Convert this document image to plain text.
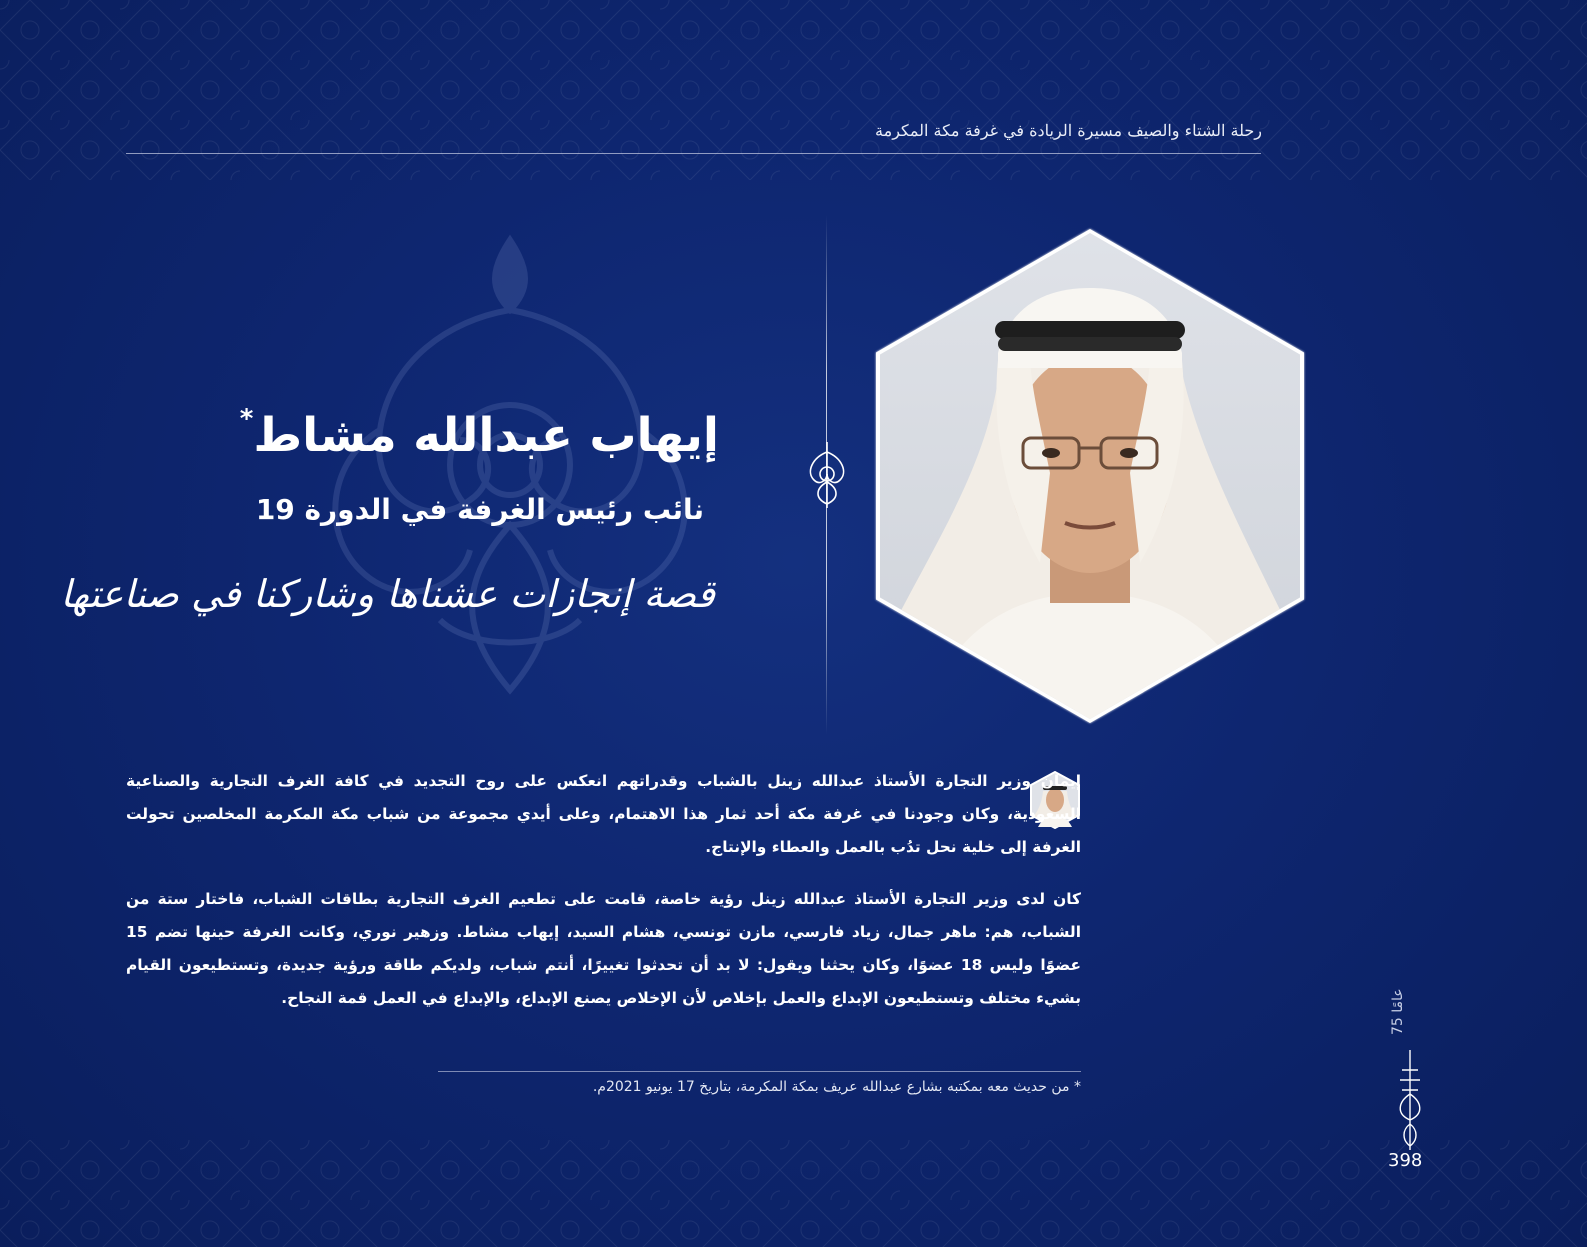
رحلة الشتاء والصيف مسيرة الريادة في غرفة مكة المكرمة
إيهاب عبدالله مشاط*
نائب رئيس الغرفة في الدورة 19
قصة إنجازات عشناها وشاركنا في صناعتها

إيمان وزير التجارة الأستاذ عبدالله زينل بالشباب وقدراتهم انعكس على روح التجديد في كافة الغرف التجارية والصناعية السعودية، وكان وجودنا في غرفة مكة أحد ثمار هذا الاهتمام، وعلى أيدي مجموعة من شباب مكة المكرمة المخلصين تحولت الغرفة إلى خلية نحل تدُب بالعمل والعطاء والإنتاج.

كان لدى وزير التجارة الأستاذ عبدالله زينل رؤية خاصة، قامت على تطعيم الغرف التجارية بطاقات الشباب، فاختار ستة من الشباب، هم: ماهر جمال، زياد فارسي، مازن تونسي، هشام السيد، إيهاب مشاط. وزهير نوري، وكانت الغرفة حينها تضم 15 عضوًا وليس 18 عضوًا، وكان يحثنا ويقول: لا بد أن تحدثوا تغييرًا، أنتم شباب، ولديكم طاقة ورؤية جديدة، وتستطيعون القيام بشيء مختلف وتستطيعون الإبداع والعمل بإخلاص لأن الإخلاص يصنع الإبداع، والإبداع في العمل قمة النجاح.

* من حديث معه بمكتبه بشارع عبدالله عريف بمكة المكرمة، بتاريخ 17 يونيو 2021م.
75 عامًا
398
